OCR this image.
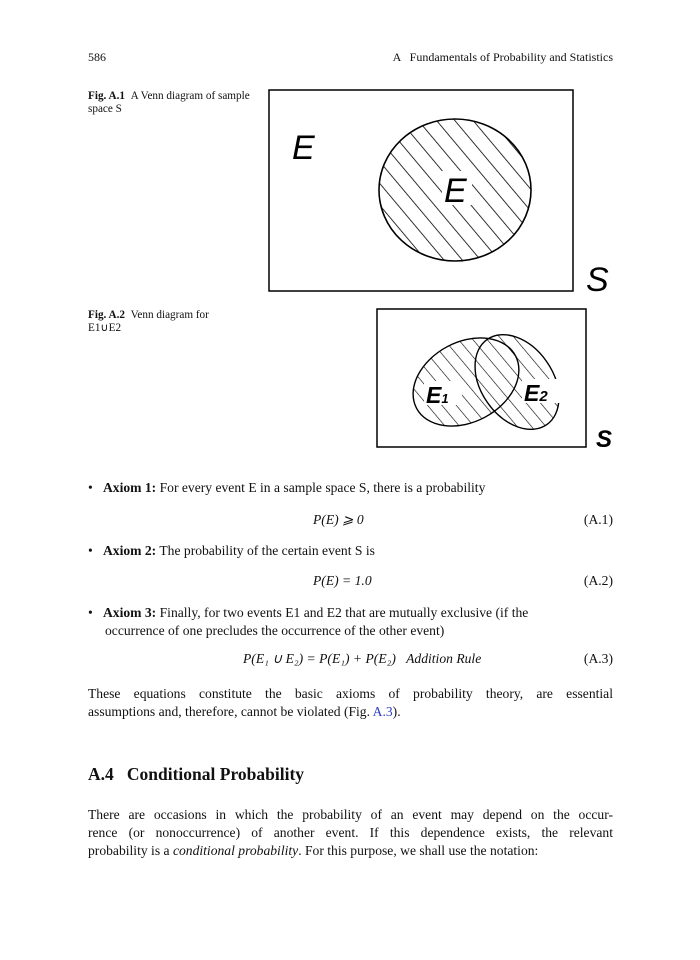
586	A   Fundamentals of Probability and Statistics
Fig. A.1 A Venn diagram of sample space S
E
E
S
Fig. A.2 Venn diagram for E1∪E2
E1	E2
S
• Axiom 1: For every event E in a sample space S, there is a probability
P(E) ⩾ 0	(A.1)
• Axiom 2: The probability of the certain event S is
P(E) = 1.0	(A.2)
• Axiom 3: Finally, for two events E1 and E2 that are mutually exclusive (if the
occurrence of one precludes the occurrence of the other event)
P(E₁ ∪ E₂) = P(E₁) + P(E₂) Addition Rule	(A.3)
These equations constitute the basic axioms of probability theory, are essential
assumptions and, therefore, cannot be violated (Fig. A.3).
A.4 Conditional Probability
There are occasions in which the probability of an event may depend on the occur-
rence (or nonoccurrence) of another event. If this dependence exists, the relevant
probability is a conditional probability. For this purpose, we shall use the notation:
